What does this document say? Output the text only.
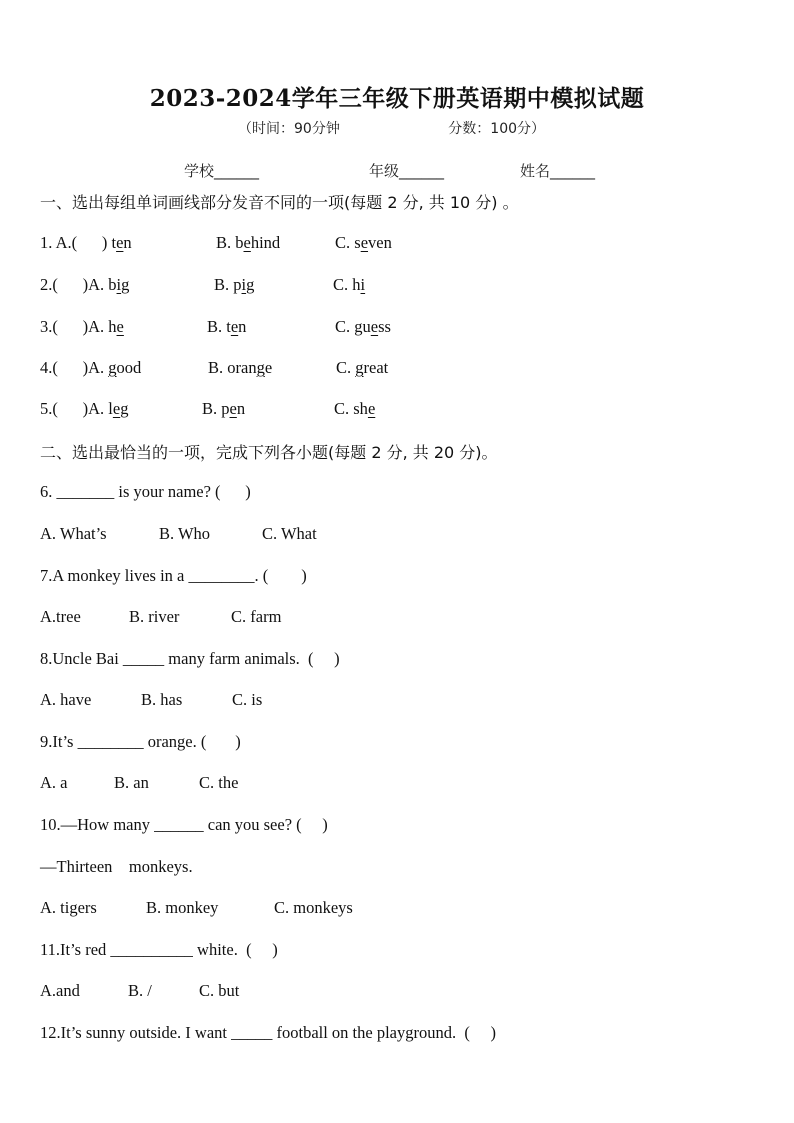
2023-2024学年三年级下册英语期中模拟试题
（时间：90分钟	分数：100分）
学校______	年级______	姓名______
一、选出每组单词画线部分发音不同的一项(每题 2 分, 共 10 分) 。
1. A.(      ) ten	B. behind	C. seven
2.(      )A. big	B. pig	C. hi
3.(      )A. he	B. ten	C. guess
4.(      )A. good	B. orange	C. great
5.(      )A. leg	B. pen	C. she
二、选出最恰当的一项，完成下列各小题(每题 2 分, 共 20 分)。
6. _______ is your name? (      )
A. What’s	B. Who	C. What
7.A monkey lives in a ________. (        )
A.tree	B. river	C. farm
8.Uncle Bai _____ many farm animals.  (     )
A. have	B. has	C. is
9.It’s ________ orange. (       )
A. a	B. an	C. the
10.—How many ______ can you see? (     )
—Thirteen    monkeys.
A. tigers	B. monkey	C. monkeys
11.It’s red __________ white.  (     )
A.and	B. /	C. but
12.It’s sunny outside. I want _____ football on the playground.  (     )
